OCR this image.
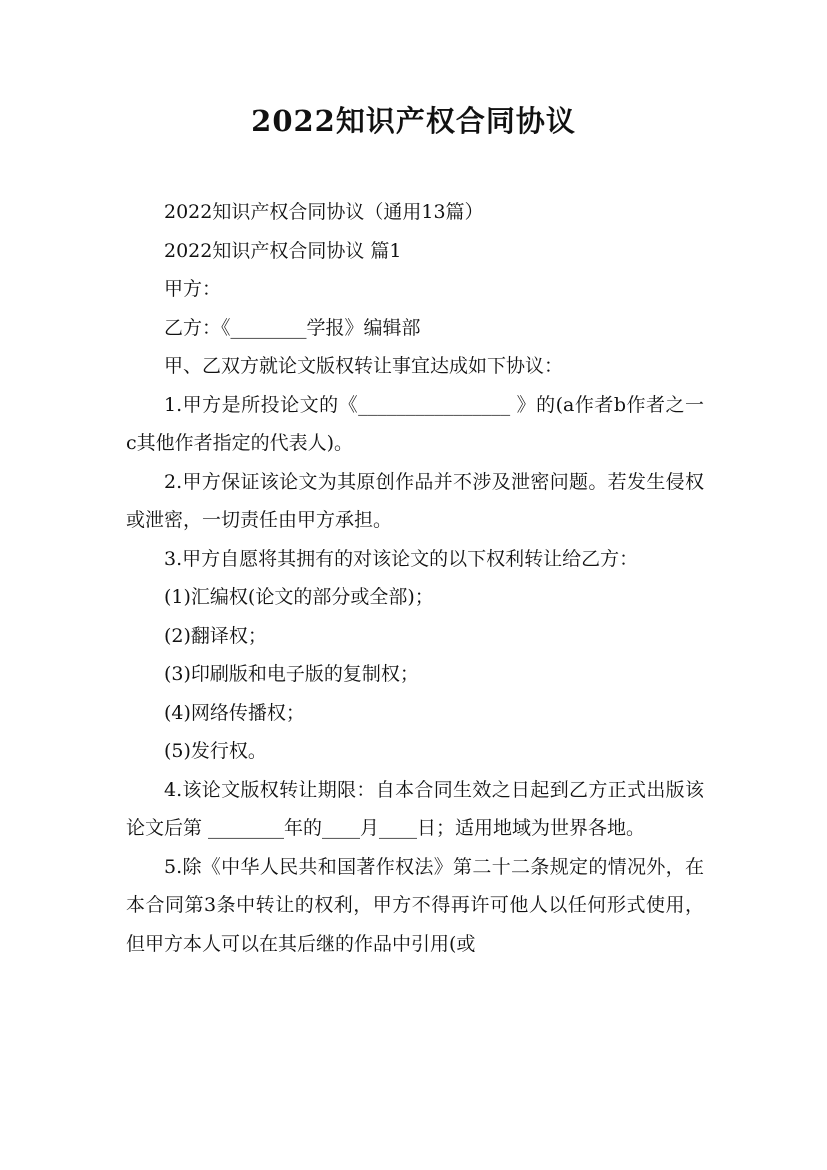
2022知识产权合同协议

2022知识产权合同协议（通用13篇）

2022知识产权合同协议 篇1

甲方：

乙方：《________学报》编辑部

甲、乙双方就论文版权转让事宜达成如下协议：

1.甲方是所投论文的《________________ 》的(a作者b作者之一c其他作者指定的代表人)。

2.甲方保证该论文为其原创作品并不涉及泄密问题。若发生侵权或泄密，一切责任由甲方承担。

3.甲方自愿将其拥有的对该论文的以下权利转让给乙方：

(1)汇编权(论文的部分或全部)；

(2)翻译权；

(3)印刷版和电子版的复制权；

(4)网络传播权；

(5)发行权。

4.该论文版权转让期限：自本合同生效之日起到乙方正式出版该论文后第 ________年的____月____日；适用地域为世界各地。

5.除《中华人民共和国著作权法》第二十二条规定的情况外，在本合同第3条中转让的权利，甲方不得再许可他人以任何形式使用，但甲方本人可以在其后继的作品中引用(或
